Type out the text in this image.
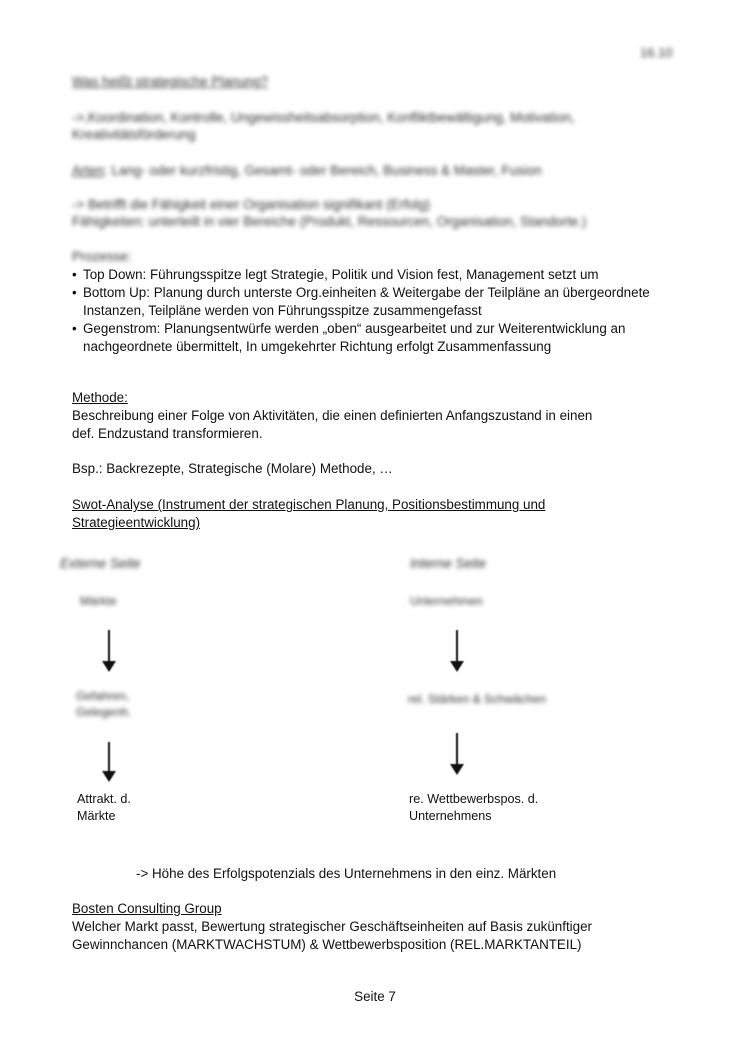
16.10
Was heißt strategische Planung?
->,Koordination, Kontrolle, Ungewissheitsabsorption, Konfliktbewältigung, Motivation,
Kreativitätsförderung
Arten: Lang- oder kurzfristig, Gesamt- oder Bereich, Business & Master, Fusion
-> Betrifft die Fähigkeit einer Organisation signifikant (Erfolg)
Fähigkeiten: unterteilt in vier Bereiche (Produkt, Ressourcen, Organisation, Standorte.)
Prozesse:
• Top Down: Führungsspitze legt Strategie, Politik und Vision fest, Management setzt um
• Bottom Up: Planung durch unterste Org.einheiten & Weitergabe der Teilpläne an übergeordnete Instanzen, Teilpläne werden von Führungsspitze zusammengefasst
• Gegenstrom: Planungsentwürfe werden „oben“ ausgearbeitet und zur Weiterentwicklung an nachgeordnete übermittelt, In umgekehrter Richtung erfolgt Zusammenfassung
Methode:
Beschreibung einer Folge von Aktivitäten, die einen definierten Anfangszustand in einen
def. Endzustand transformieren.
Bsp.: Backrezepte, Strategische (Molare) Methode, …
Swot-Analyse (Instrument der strategischen Planung, Positionsbestimmung und
Strategieentwicklung)
Externe Seite	Interne Seite
Märkte	Unternehmen
Gefahren,
Gelegenh.
rel. Stärken & Schwächen
Attrakt. d.
Märkte
re. Wettbewerbspos. d.
Unternehmens
-> Höhe des Erfolgspotenzials des Unternehmens in den einz. Märkten
Bosten Consulting Group
Welcher Markt passt, Bewertung strategischer Geschäftseinheiten auf Basis zukünftiger
Gewinnchancen (MARKTWACHSTUM) & Wettbewerbsposition (REL.MARKTANTEIL)
Seite 7
